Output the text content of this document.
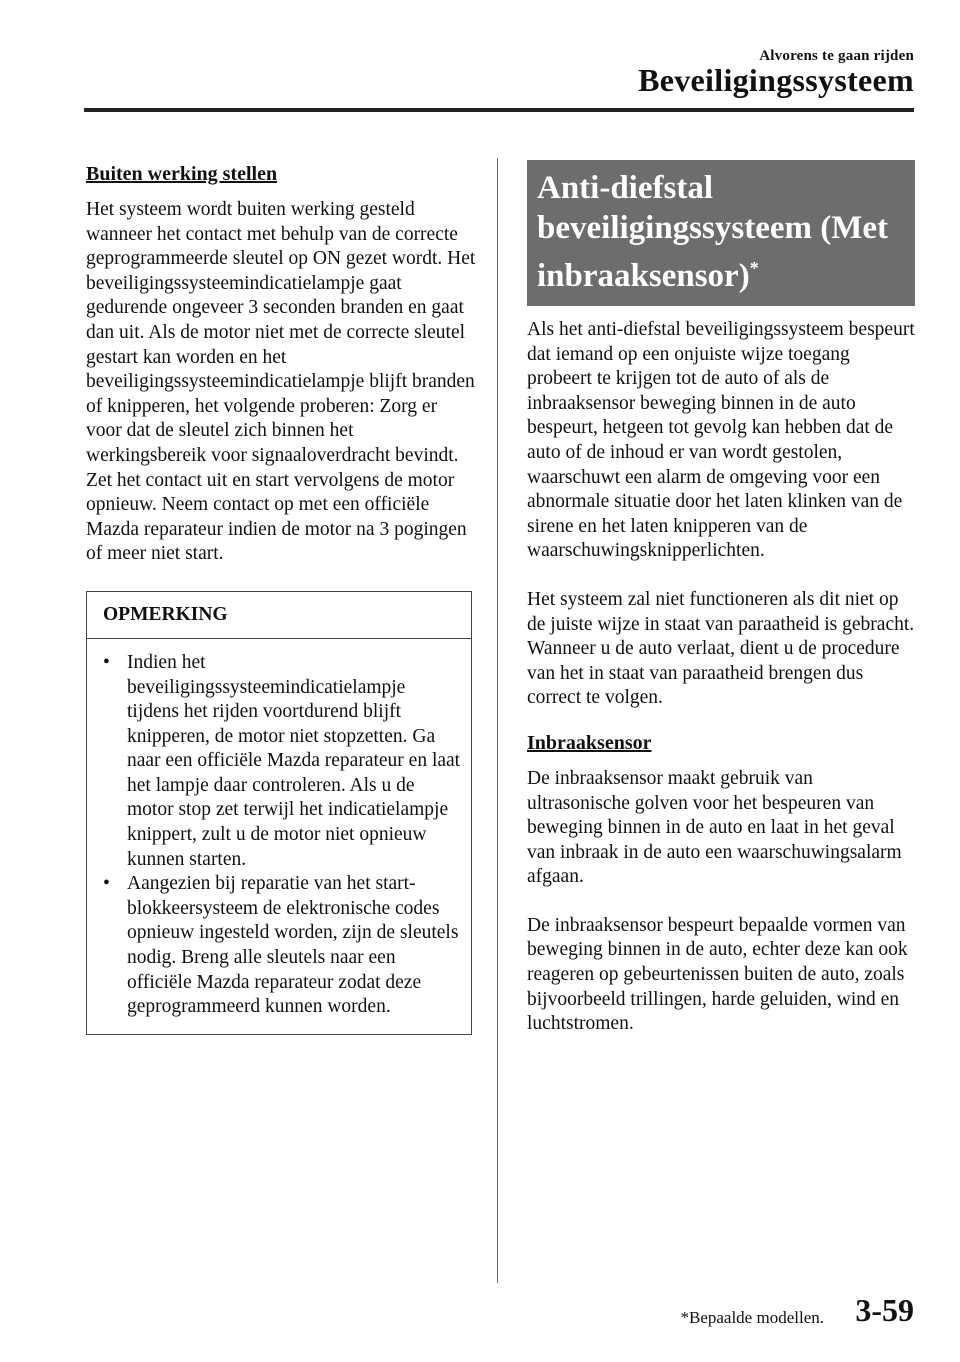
Alvorens te gaan rijden
Beveiligingssysteem
Buiten werking stellen

Het systeem wordt buiten werking gesteld wanneer het contact met behulp van de correcte geprogrammeerde sleutel op ON gezet wordt. Het beveiligingssysteemindicatielampje gaat gedurende ongeveer 3 seconden branden en gaat dan uit. Als de motor niet met de correcte sleutel gestart kan worden en het beveiligingssysteemindicatielampje blijft branden of knipperen, het volgende proberen: Zorg er voor dat de sleutel zich binnen het werkingsbereik voor signaaloverdracht bevindt. Zet het contact uit en start vervolgens de motor opnieuw. Neem contact op met een officiële Mazda reparateur indien de motor na 3 pogingen of meer niet start.

OPMERKING
• Indien het beveiligingssysteemindicatielampje tijdens het rijden voortdurend blijft knipperen, de motor niet stopzetten. Ga naar een officiële Mazda reparateur en laat het lampje daar controleren. Als u de motor stop zet terwijl het indicatielampje knippert, zult u de motor niet opnieuw kunnen starten.
• Aangezien bij reparatie van het start-blokkeersysteem de elektronische codes opnieuw ingesteld worden, zijn de sleutels nodig. Breng alle sleutels naar een officiële Mazda reparateur zodat deze geprogrammeerd kunnen worden.
Anti-diefstal
beveiligingssysteem (Met
inbraaksensor)*

Als het anti-diefstal beveiligingssysteem bespeurt dat iemand op een onjuiste wijze toegang probeert te krijgen tot de auto of als de inbraaksensor beweging binnen in de auto bespeurt, hetgeen tot gevolg kan hebben dat de auto of de inhoud er van wordt gestolen, waarschuwt een alarm de omgeving voor een abnormale situatie door het laten klinken van de sirene en het laten knipperen van de waarschuwingsknipperlichten.

Het systeem zal niet functioneren als dit niet op de juiste wijze in staat van paraatheid is gebracht. Wanneer u de auto verlaat, dient u de procedure van het in staat van paraatheid brengen dus correct te volgen.

Inbraaksensor

De inbraaksensor maakt gebruik van ultrasonische golven voor het bespeuren van beweging binnen in de auto en laat in het geval van inbraak in de auto een waarschuwingsalarm afgaan.

De inbraaksensor bespeurt bepaalde vormen van beweging binnen in de auto, echter deze kan ook reageren op gebeurtenissen buiten de auto, zoals bijvoorbeeld trillingen, harde geluiden, wind en luchtstromen.

*Bepaalde modellen. 3-59
